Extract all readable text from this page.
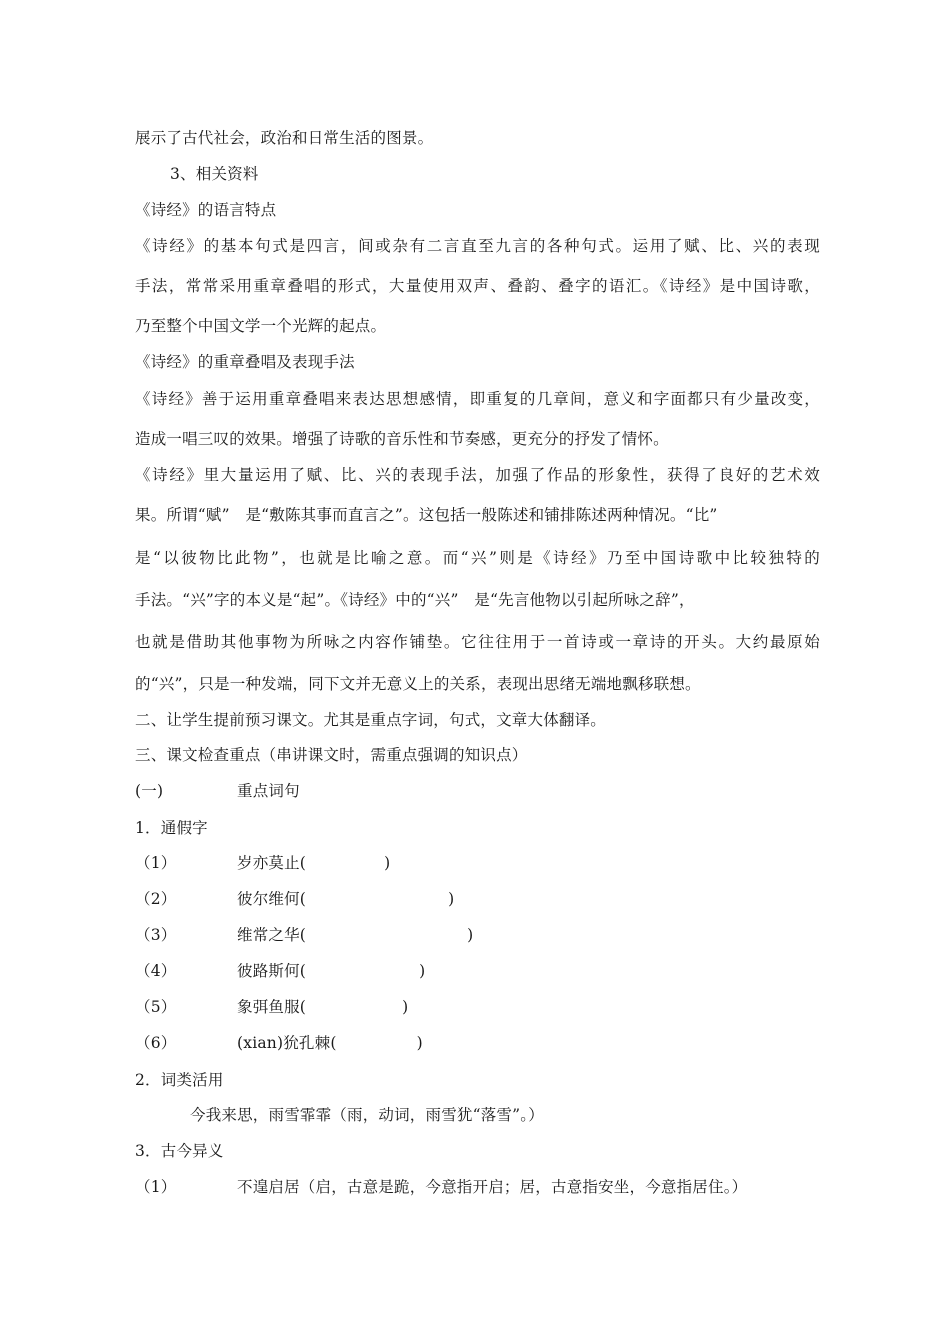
展示了古代社会，政治和日常生活的图景。
3、相关资料
《诗经》的语言特点
《诗经》的基本句式是四言，间或杂有二言直至九言的各种句式。运用了赋、比、兴的表现
手法，常常采用重章叠唱的形式，大量使用双声、叠韵、叠字的语汇。《诗经》是中国诗歌，
乃至整个中国文学一个光辉的起点。
《诗经》的重章叠唱及表现手法
《诗经》善于运用重章叠唱来表达思想感情，即重复的几章间，意义和字面都只有少量改变，
造成一唱三叹的效果。增强了诗歌的音乐性和节奏感，更充分的抒发了情怀。
《诗经》里大量运用了赋、比、兴的表现手法，加强了作品的形象性，获得了良好的艺术效
果。所谓“赋”　是“敷陈其事而直言之”。这包括一般陈述和铺排陈述两种情况。“比”
是“以彼物比此物”，也就是比喻之意。而“兴”则是《诗经》乃至中国诗歌中比较独特的
手法。“兴”字的本义是“起”。《诗经》中的“兴”　是“先言他物以引起所咏之辞”，
也就是借助其他事物为所咏之内容作铺垫。它往往用于一首诗或一章诗的开头。大约最原始
的“兴”，只是一种发端，同下文并无意义上的关系，表现出思绪无端地飘移联想。
二、让学生提前预习课文。尤其是重点字词，句式，文章大体翻译。
三、课文检查重点（串讲课文时，需重点强调的知识点）
(一)	重点词句
1．通假字
（1）	岁亦莫止(	)
（2）	彼尔维何(	)
（3）	维常之华(	)
（4）	彼路斯何(	)
（5）	象弭鱼服(	)
（6）	(xian)狁孔棘(	)
2．词类活用
今我来思，雨雪霏霏（雨，动词，雨雪犹“落雪”。）
3．古今异义
（1）	不遑启居（启，古意是跪，今意指开启；居，古意指安坐，今意指居住。）
